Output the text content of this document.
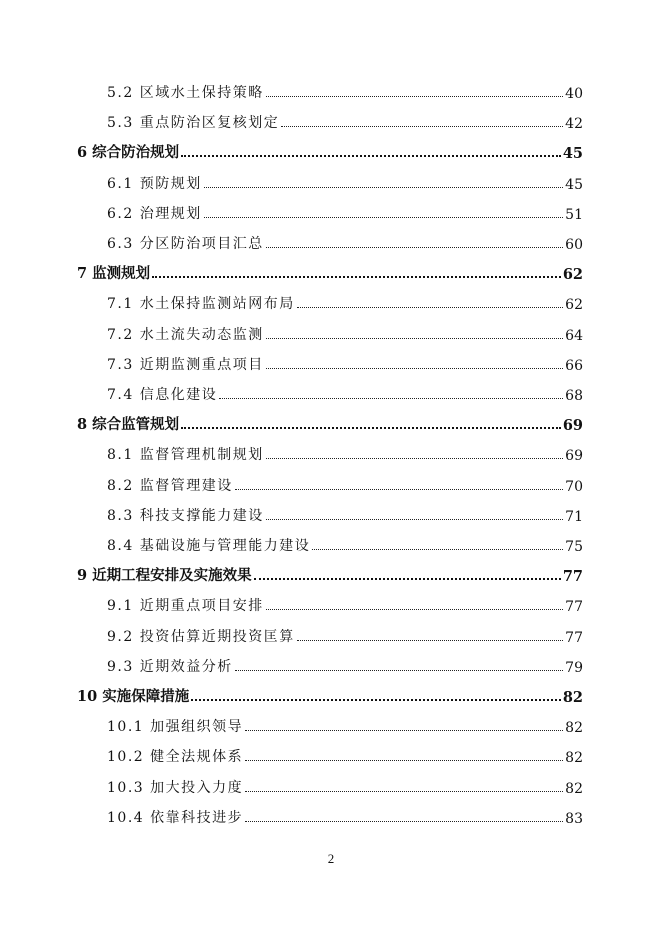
5.2 区域水土保持策略	40
5.3 重点防治区复核划定	42
6 综合防治规划	45
6.1 预防规划	45
6.2 治理规划	51
6.3 分区防治项目汇总	60
7 监测规划	62
7.1 水土保持监测站网布局	62
7.2 水土流失动态监测	64
7.3 近期监测重点项目	66
7.4 信息化建设	68
8 综合监管规划	69
8.1 监督管理机制规划	69
8.2 监督管理建设	70
8.3 科技支撑能力建设	71
8.4 基础设施与管理能力建设	75
9 近期工程安排及实施效果	77
9.1 近期重点项目安排	77
9.2 投资估算近期投资匡算	77
9.3 近期效益分析	79
10 实施保障措施	82
10.1 加强组织领导	82
10.2 健全法规体系	82
10.3 加大投入力度	82
10.4 依靠科技进步	83
2
